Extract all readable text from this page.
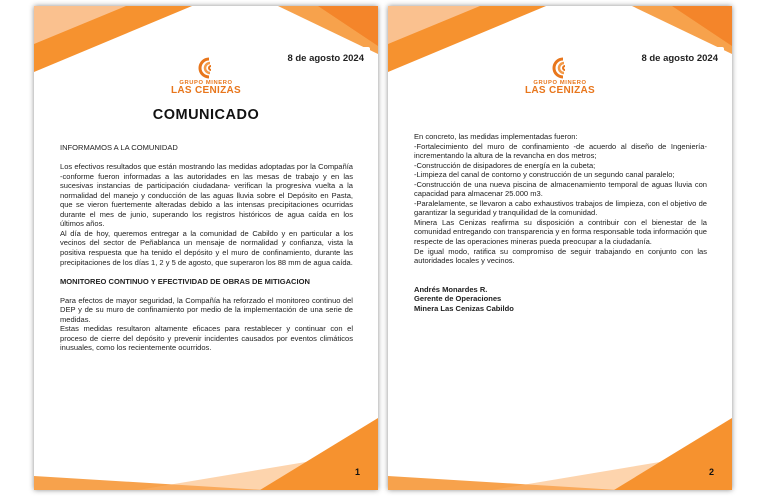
8 de agosto 2024
GRUPO MINERO
LAS CENIZAS
COMUNICADO

INFORMAMOS A LA COMUNIDAD

Los efectivos resultados que están mostrando las medidas adoptadas por la Compañía -conforme fueron informadas a las autoridades en las mesas de trabajo y en las sucesivas instancias de participación ciudadana- verifican la progresiva vuelta a la normalidad del manejo y conducción de las aguas lluvia sobre el Depósito en Pasta, que se vieron fuertemente alteradas debido a las intensas precipitaciones ocurridas durante el mes de junio, superando los registros históricos de agua caída en los últimos años.

Al día de hoy, queremos entregar a la comunidad de Cabildo y en particular a los vecinos del sector de Peñablanca un mensaje de normalidad y confianza, vista la positiva respuesta que ha tenido el depósito y el muro de confinamiento, durante las precipitaciones de los días 1, 2 y 5 de agosto, que superaron los 88 mm de agua caída.

MONITOREO CONTINUO Y EFECTIVIDAD DE OBRAS DE MITIGACION

Para efectos de mayor seguridad, la Compañía ha reforzado el monitoreo continuo del DEP y de su muro de confinamiento por medio de la implementación de una serie de medidas.

Estas medidas resultaron altamente eficaces para restablecer y continuar con el proceso de cierre del depósito y prevenir incidentes causados por eventos climáticos inusuales, como los recientemente ocurridos.

1
8 de agosto 2024
GRUPO MINERO
LAS CENIZAS

En concreto, las medidas implementadas fueron:

-Fortalecimiento del muro de confinamiento -de acuerdo al diseño de Ingeniería- incrementando la altura de la revancha en dos metros;

-Construcción de disipadores de energía en la cubeta;

-Limpieza del canal de contorno y construcción de un segundo canal paralelo;

-Construcción de una nueva piscina de almacenamiento temporal de aguas lluvia con capacidad para almacenar 25.000 m3.

-Paralelamente, se llevaron a cabo exhaustivos trabajos de limpieza, con el objetivo de garantizar la seguridad y tranquilidad de la comunidad.

Minera Las Cenizas reafirma su disposición a contribuir con el bienestar de la comunidad entregando con transparencia y en forma responsable toda información que respecte de las operaciones mineras pueda preocupar a la ciudadanía.

De igual modo, ratifica su compromiso de seguir trabajando en conjunto con las autoridades locales y vecinos.

Andrés Monardes R.

Gerente de Operaciones

Minera Las Cenizas Cabildo

2
